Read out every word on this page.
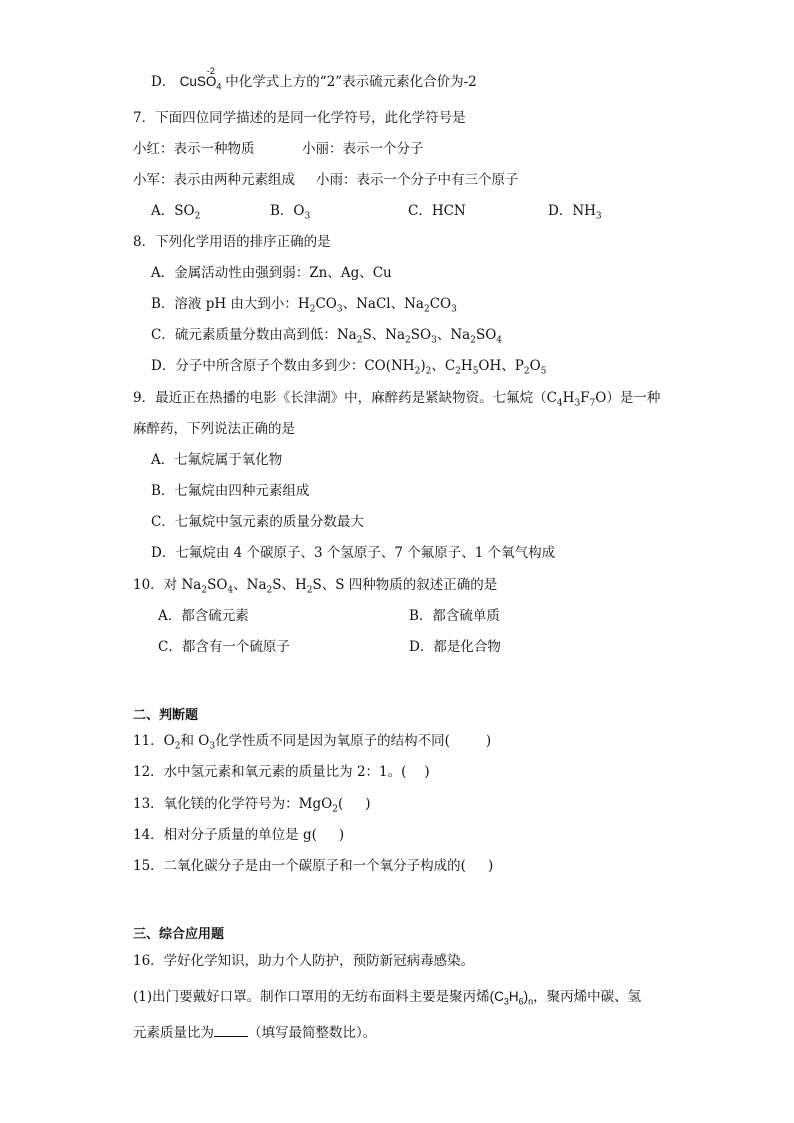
D． Cu
-2
$SO_4$ 中化学式上方的“2”表示硫元素化合价为-2
7．下面四位同学描述的是同一化学符号，此化学符号是
小红：表示一种物质	小丽：表示一个分子
小军：表示由两种元素组成 小雨：表示一个分子中有三个原子
A．$SO_2$	B．$O_3$	C．HCN	D．$NH_3$
8．下列化学用语的排序正确的是
A．金属活动性由强到弱：Zn、Ag、Cu
B．溶液 pH 由大到小：$H_2CO_3$、NaCl、$Na_2CO_3$
C．硫元素质量分数由高到低：$Na_2S$、$Na_2SO_3$、$Na_2SO_4$
D．分子中所含原子个数由多到少：$CO(NH_2)_2$、$C_2H_5OH$、$P_2O_5$
9．最近正在热播的电影《长津湖》中，麻醉药是紧缺物资。七氟烷$(C_4H_3F_7O)$是一种
麻醉药，下列说法正确的是
A．七氟烷属于氧化物
B．七氟烷由四种元素组成
C．七氟烷中氢元素的质量分数最大
D．七氟烷由 4 个碳原子、3 个氢原子、7 个氟原子、1 个氧气构成
10．对 $Na_2SO_4$、$Na_2S$、$H_2S$、S 四种物质的叙述正确的是
A．都含硫元素	B．都含硫单质
C．都含有一个硫原子	D．都是化合物
二、判断题
11．$O_2$和 $O_3$化学性质不同是因为氧原子的结构不同(	)
12．水中氢元素和氧元素的质量比为 2：1。( )
13．氧化镁的化学符号为：MgO$_2$( )
14．相对分子质量的单位是 g( )
15．二氧化碳分子是由一个碳原子和一个氧分子构成的( )
三、综合应用题
16．学好化学知识，助力个人防护，预防新冠病毒感染。
(1)出门要戴好口罩。制作口罩用的无纺布面料主要是聚丙烯$(C_3H_6)_n$，聚丙烯中碳、氢
元素质量比为	（填写最简整数比）。
